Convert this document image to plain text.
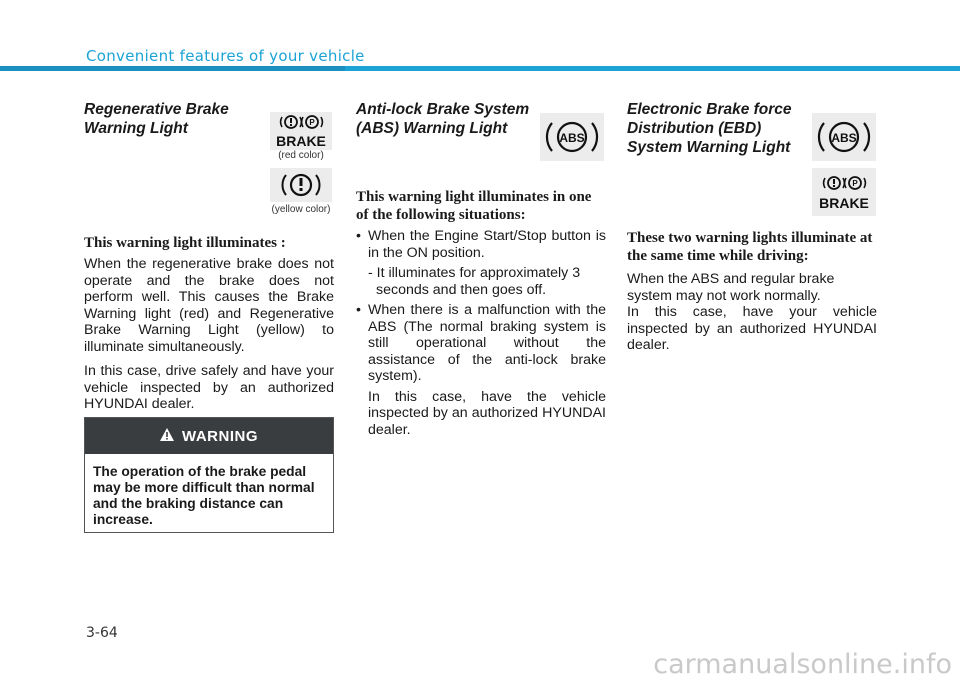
Convenient features of your vehicle
Regenerative Brake
Warning Light

This warning light illuminates :

When the regenerative brake does not operate and the brake does not perform well. This causes the Brake Warning light (red) and Regenerative Brake Warning Light (yellow) to illuminate simultaneously.

In this case, drive safely and have your vehicle inspected by an authorized HYUNDAI dealer.

P
BRAKE
(red color)
(yellow color)
WARNING
The operation of the brake pedal may be more difficult than normal and the braking distance can increase.
Anti-lock Brake System
(ABS) Warning Light

This warning light illuminates in one of the following situations:

• When the Engine Start/Stop button is in the ON position.

- It illuminates for approximately 3 seconds and then goes off.

• When there is a malfunction with the ABS (The normal braking system is still operational without the assistance of the anti-lock brake system).

In this case, have the vehicle inspected by an authorized HYUNDAI dealer.

ABS
Electronic Brake force
Distribution (EBD)
System Warning Light

These two warning lights illuminate at the same time while driving:

When the ABS and regular brake system may not work normally.

In this case, have your vehicle inspected by an authorized HYUNDAI dealer.

ABS
P
BRAKE
3-64
carmanualsonline.info
